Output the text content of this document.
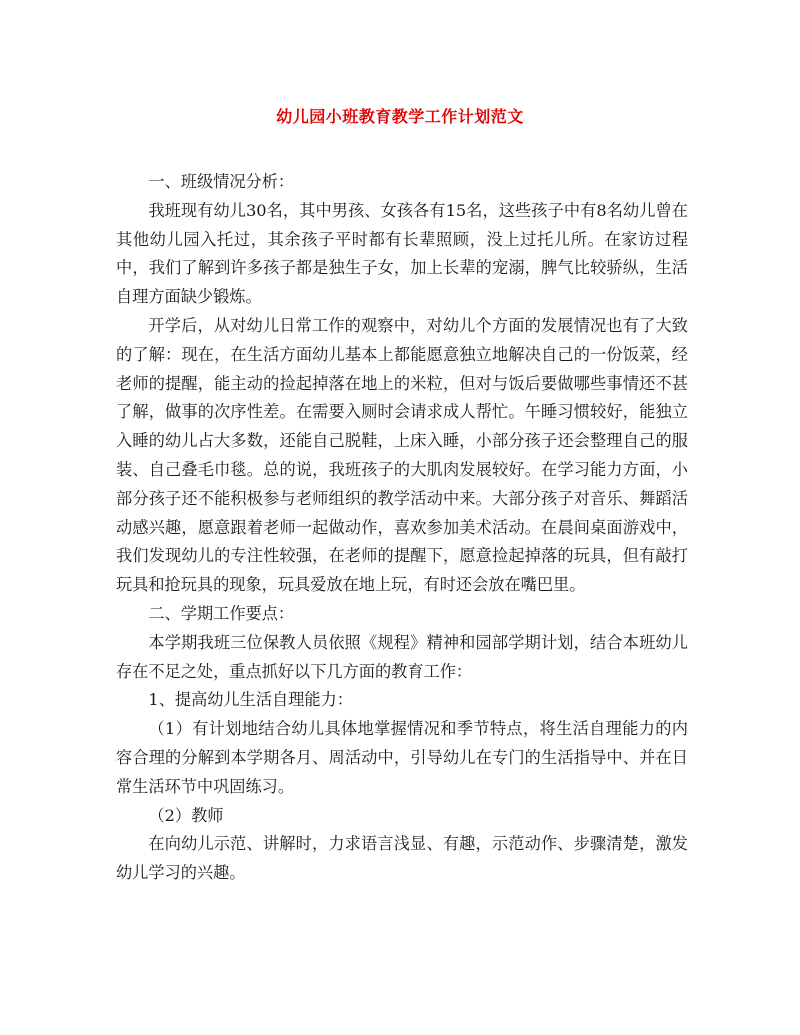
幼儿园小班教育教学工作计划范文

一、班级情况分析：

我班现有幼儿30名，其中男孩、女孩各有15名，这些孩子中有8名幼儿曾在其他幼儿园入托过，其余孩子平时都有长辈照顾，没上过托儿所。在家访过程中，我们了解到许多孩子都是独生子女，加上长辈的宠溺，脾气比较骄纵，生活自理方面缺少锻炼。

开学后，从对幼儿日常工作的观察中，对幼儿个方面的发展情况也有了大致的了解：现在，在生活方面幼儿基本上都能愿意独立地解决自己的一份饭菜，经老师的提醒，能主动的捡起掉落在地上的米粒，但对与饭后要做哪些事情还不甚了解，做事的次序性差。在需要入厕时会请求成人帮忙。午睡习惯较好，能独立入睡的幼儿占大多数，还能自己脱鞋，上床入睡，小部分孩子还会整理自己的服装、自己叠毛巾毯。总的说，我班孩子的大肌肉发展较好。在学习能力方面，小部分孩子还不能积极参与老师组织的教学活动中来。大部分孩子对音乐、舞蹈活动感兴趣，愿意跟着老师一起做动作，喜欢参加美术活动。在晨间桌面游戏中，我们发现幼儿的专注性较强，在老师的提醒下，愿意捡起掉落的玩具，但有敲打玩具和抢玩具的现象，玩具爱放在地上玩，有时还会放在嘴巴里。

二、学期工作要点：

本学期我班三位保教人员依照《规程》精神和园部学期计划，结合本班幼儿存在不足之处，重点抓好以下几方面的教育工作：

1、提高幼儿生活自理能力：

（1）有计划地结合幼儿具体地掌握情况和季节特点，将生活自理能力的内容合理的分解到本学期各月、周活动中，引导幼儿在专门的生活指导中、并在日常生活环节中巩固练习。

（2）教师

在向幼儿示范、讲解时，力求语言浅显、有趣，示范动作、步骤清楚，激发幼儿学习的兴趣。
